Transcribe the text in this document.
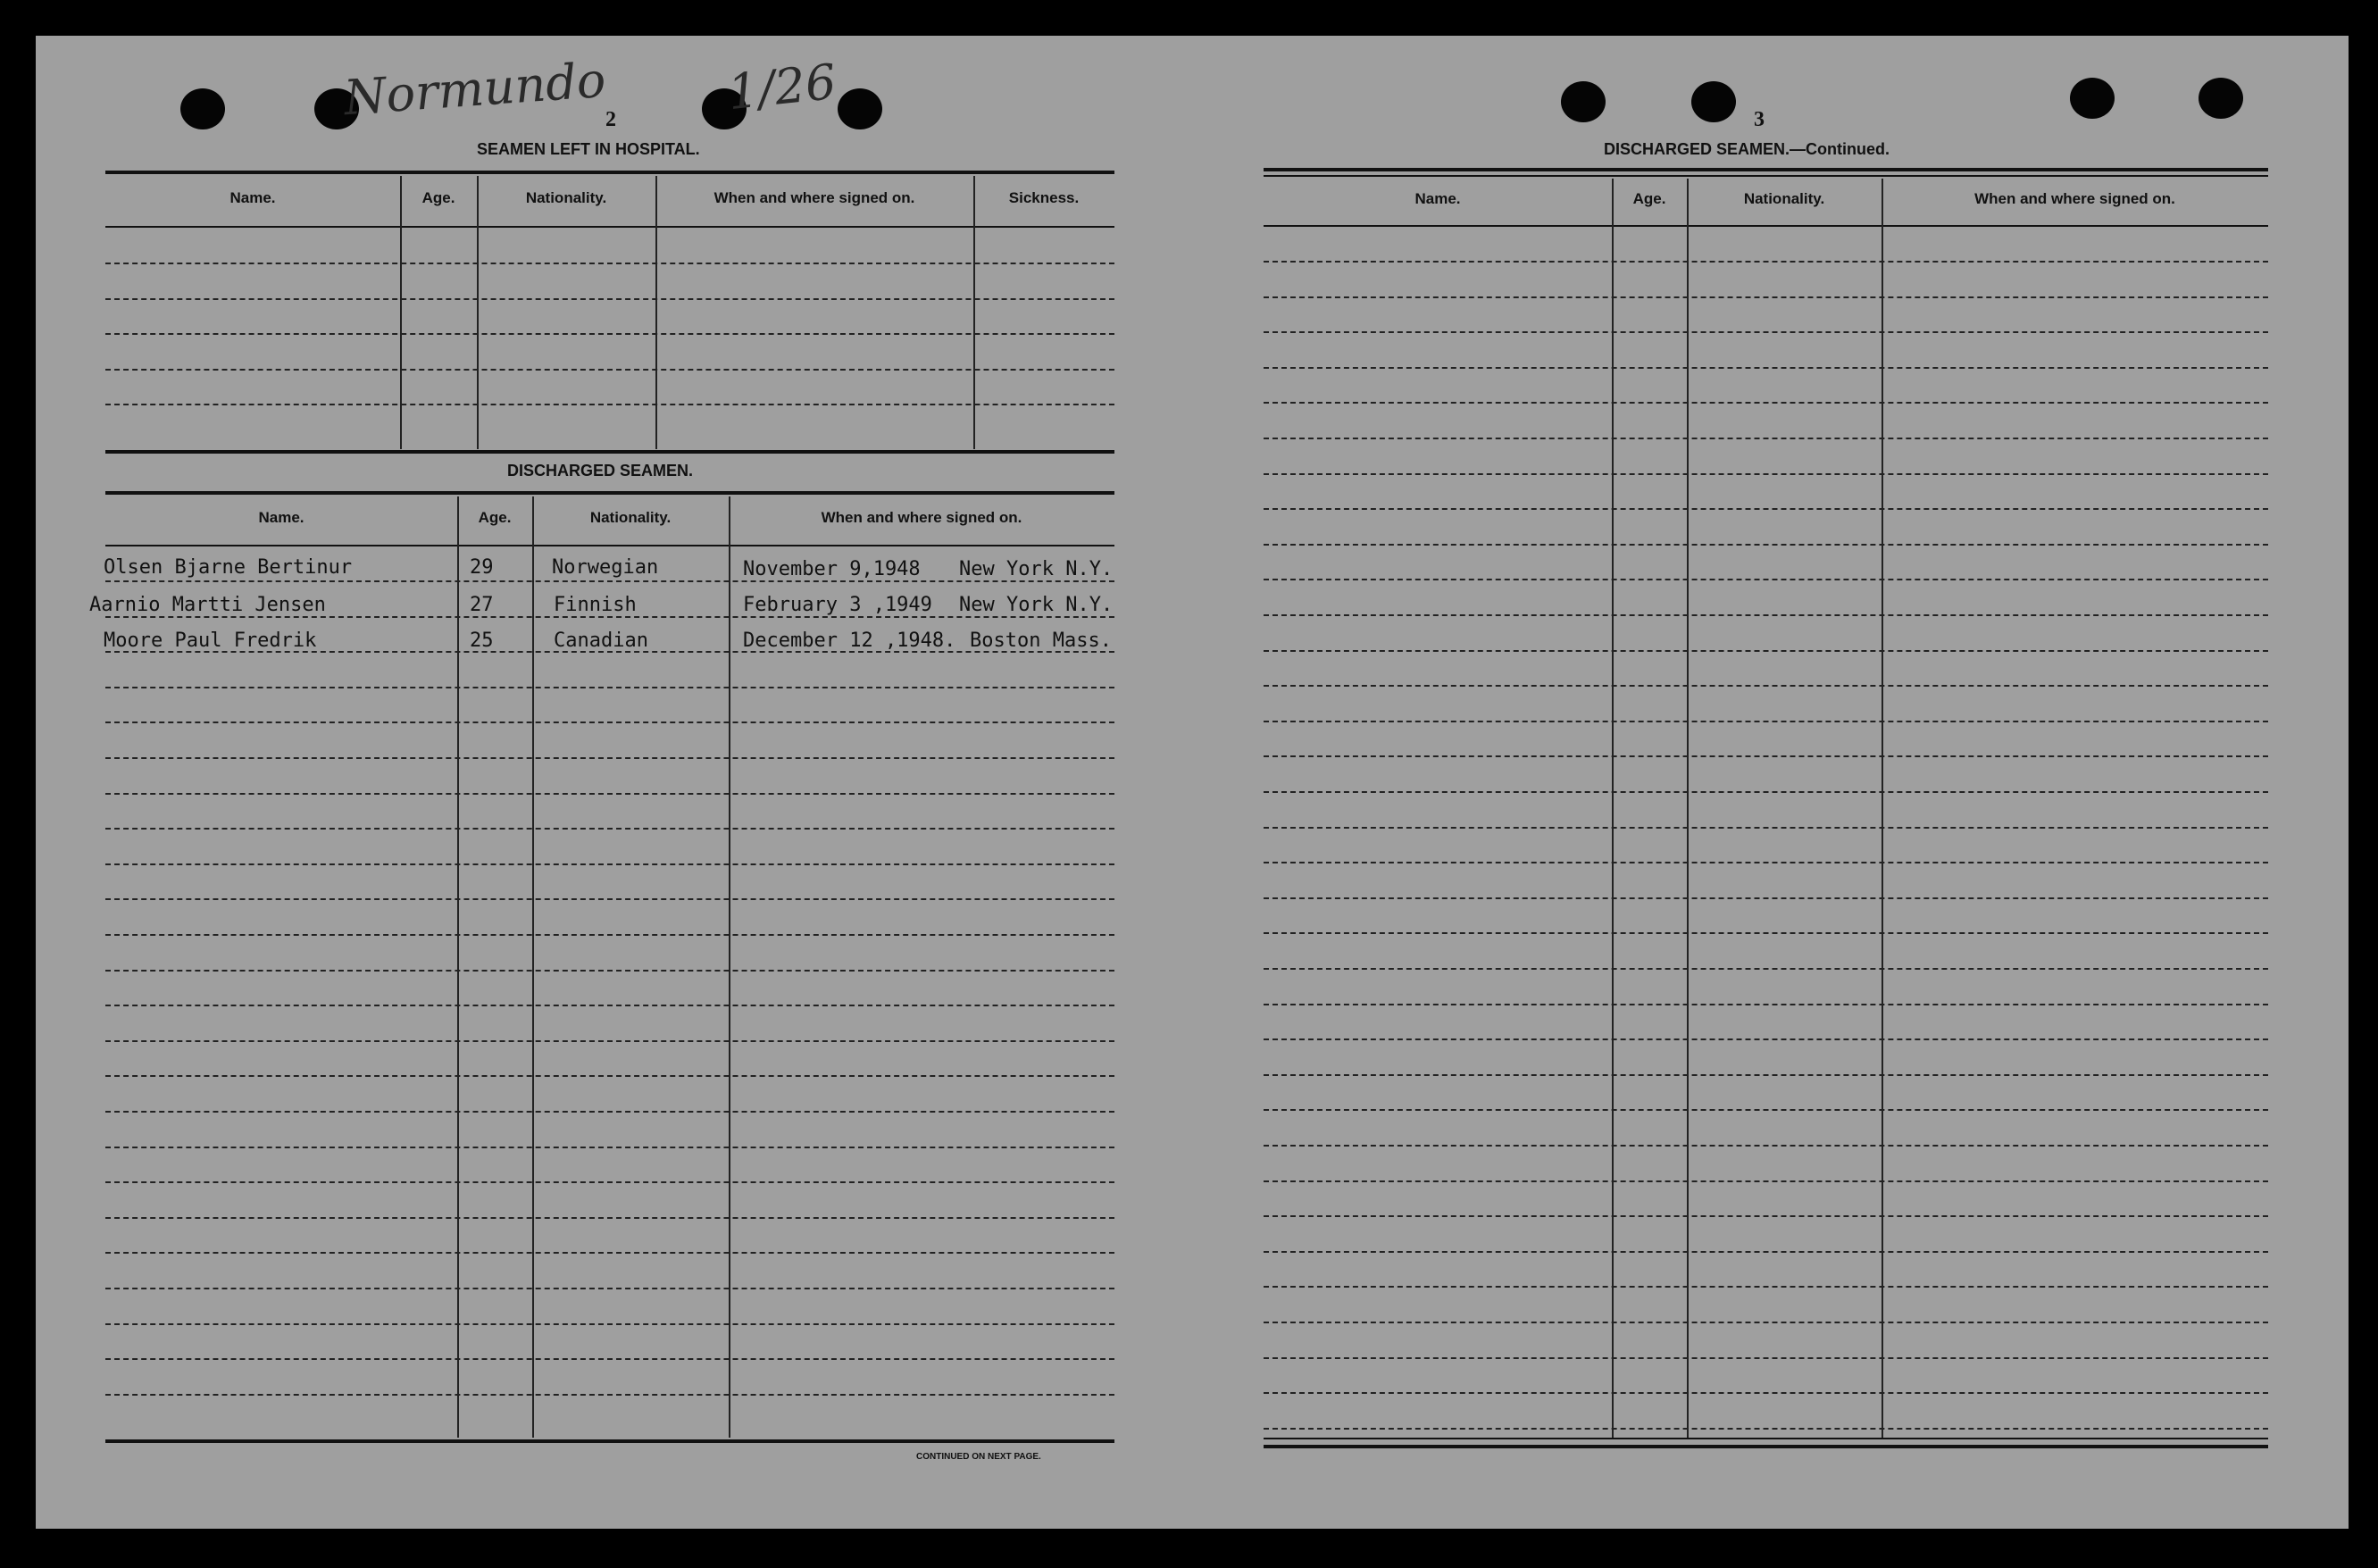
Normundo 1/26
2
SEAMEN LEFT IN HOSPITAL.
Name.	Age.	Nationality.	When and where signed on.	Sickness.
DISCHARGED SEAMEN.
Name.	Age.	Nationality.	When and where signed on.
Olsen Bjarne Bertinur	29	Norwegian	November 9,1948 New York N.Y.
Aarnio Martti Jensen	27	Finnish	February 3 ,1949 New York N.Y.
Moore Paul Fredrik	25	Canadian	December 12 ,1948. Boston Mass.
CONTINUED ON NEXT PAGE.
3
DISCHARGED SEAMEN.—Continued.
Name.	Age.	Nationality.	When and where signed on.
